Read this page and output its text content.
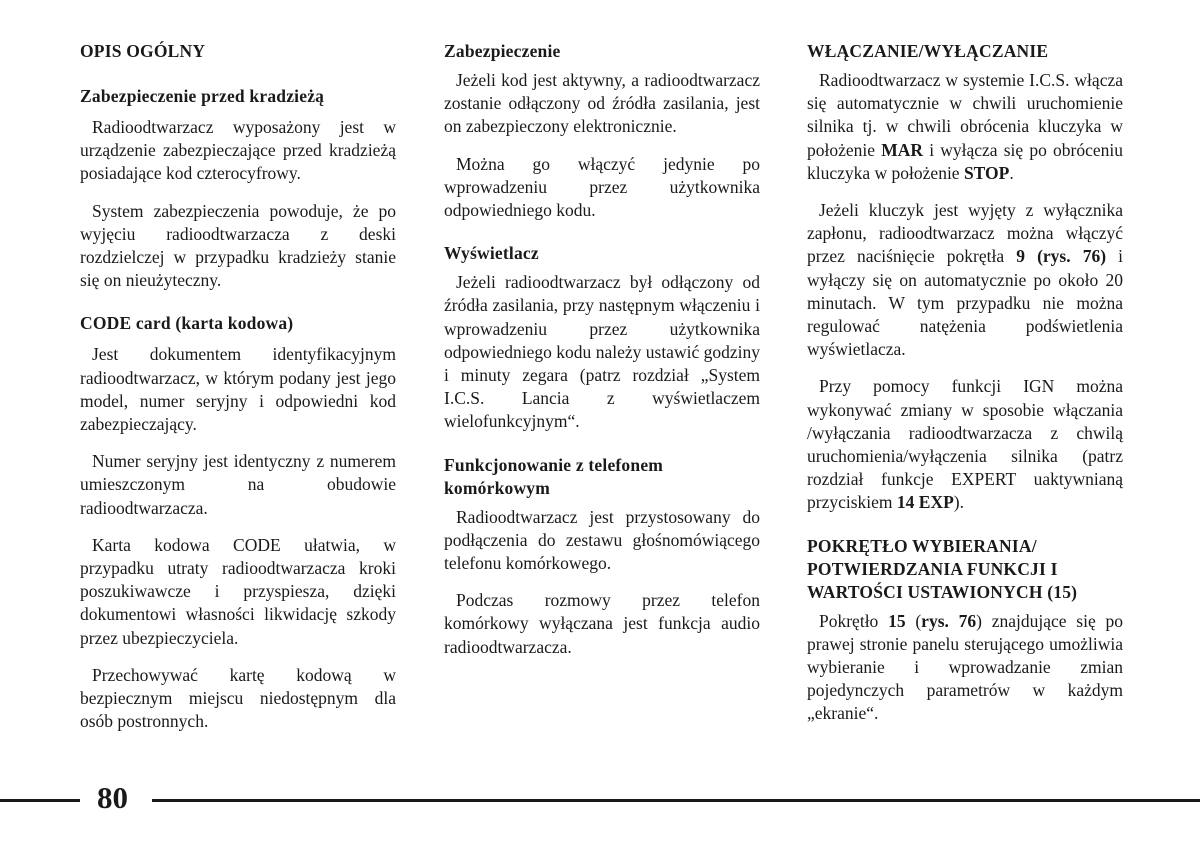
OPIS OGÓLNY
Zabezpieczenie przed kradzieżą

Radioodtwarzacz wyposażony jest w urządzenie zabezpieczające przed kradzieżą posiadające kod czterocyfrowy.

System zabezpieczenia powoduje, że po wyjęciu radioodtwarzacza z deski rozdzielczej w przypadku kradzieży stanie się on nieużyteczny.

CODE card (karta kodowa)

Jest dokumentem identyfikacyjnym radioodtwarzacz, w którym podany jest jego model, numer seryjny i odpowiedni kod zabezpieczający.

Numer seryjny jest identyczny z numerem umieszczonym na obudowie radioodtwarzacza.

Karta kodowa CODE ułatwia, w przypadku utraty radioodtwarzacza kroki poszukiwawcze i przyspiesza, dzięki dokumentowi własności likwidację szkody przez ubezpieczyciela.

Przechowywać kartę kodową w bezpiecznym miejscu niedostępnym dla osób postronnych.

Zabezpieczenie

Jeżeli kod jest aktywny, a radioodtwarzacz zostanie odłączony od źródła zasilania, jest on zabezpieczony elektronicznie.

Można go włączyć jedynie po wprowadzeniu przez użytkownika odpowiedniego kodu.

Wyświetlacz

Jeżeli radioodtwarzacz był odłączony od źródła zasilania, przy następnym włączeniu i wprowadzeniu przez użytkownika odpowiedniego kodu należy ustawić godziny i minuty zegara (patrz rozdział „System I.C.S. Lancia z wyświetlaczem wielofunkcyjnym“.

Funkcjonowanie z telefonem komórkowym

Radioodtwarzacz jest przystosowany do podłączenia do zestawu głośnomówiącego telefonu komórkowego.

Podczas rozmowy przez telefon komórkowy wyłączana jest funkcja audio radioodtwarzacza.

WŁĄCZANIE/WYŁĄCZANIE

Radioodtwarzacz w systemie I.C.S. włącza się automatycznie w chwili uruchomienie silnika tj. w chwili obrócenia kluczyka w położenie MAR i wyłącza się po obróceniu kluczyka w położenie STOP.

Jeżeli kluczyk jest wyjęty z wyłącznika zapłonu, radioodtwarzacz można włączyć przez naciśnięcie pokrętła 9 (rys. 76) i wyłączy się on automatycznie po około 20 minutach. W tym przypadku nie można regulować natężenia podświetlenia wyświetlacza.

Przy pomocy funkcji IGN można wykonywać zmiany w sposobie włączania /wyłączania radioodtwarzacza z chwilą uruchomienia/wyłączenia silnika (patrz rozdział funkcje EXPERT uaktywnianą przyciskiem 14 EXP).

POKRĘTŁO WYBIERANIA/ POTWIERDZANIA FUNKCJI I WARTOŚCI USTAWIONYCH (15)

Pokrętło 15 (rys. 76) znajdujące się po prawej stronie panelu sterującego umożliwia wybieranie i wprowadzanie zmian pojedynczych parametrów w każdym „ekranie“.

80
